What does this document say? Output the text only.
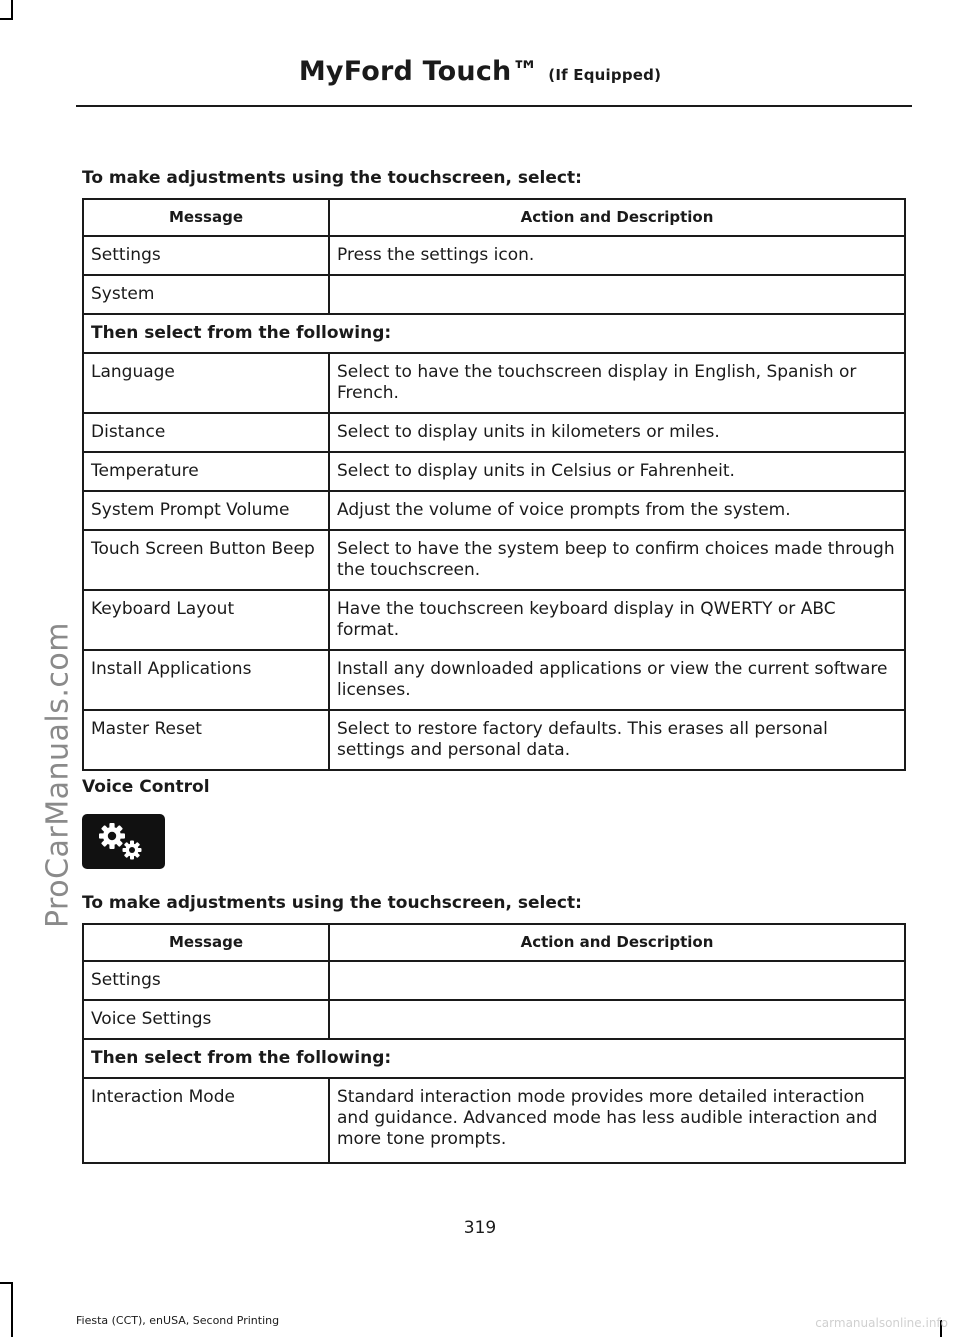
MyFord Touch™ (If Equipped)
ProCarManuals.com
To make adjustments using the touchscreen, select:
Message	Action and Description
Settings	Press the settings icon.
System	
Then select from the following:	
Language	Select to have the touchscreen display in English, Spanish or French.
Distance	Select to display units in kilometers or miles.
Temperature	Select to display units in Celsius or Fahrenheit.
System Prompt Volume	Adjust the volume of voice prompts from the system.
Touch Screen Button Beep	Select to have the system beep to confirm choices made through the touchscreen.
Keyboard Layout	Have the touchscreen keyboard display in QWERTY or ABC format.
Install Applications	Install any downloaded applications or view the current software licenses.
Master Reset	Select to restore factory defaults. This erases all personal settings and personal data.
Voice Control
To make adjustments using the touchscreen, select:
Message	Action and Description
Settings	
Voice Settings	
Then select from the following:	
Interaction Mode	Standard interaction mode provides more detailed interaction and guidance. Advanced mode has less audible interaction and more tone prompts.
319
Fiesta (CCT), enUSA, Second Printing	carmanualsonline.info
